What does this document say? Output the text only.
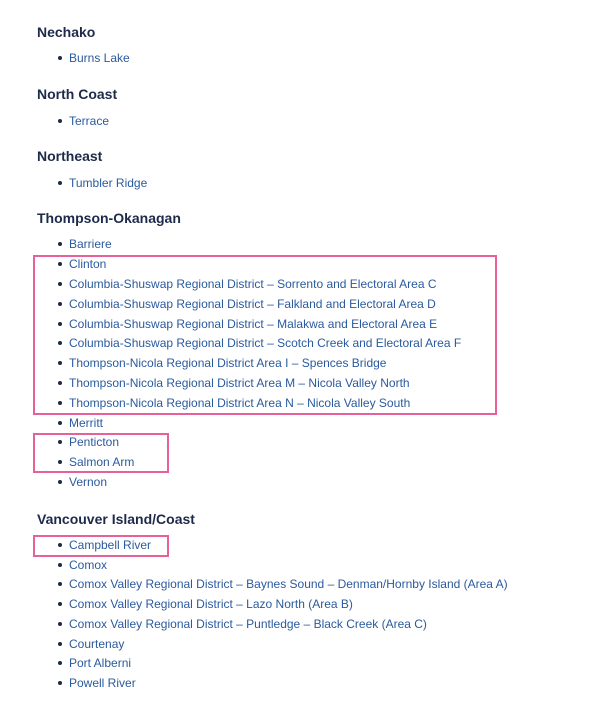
Nechako
Burns Lake
North Coast
Terrace
Northeast
Tumbler Ridge
Thompson-Okanagan
Barriere
Clinton
Columbia-Shuswap Regional District – Sorrento and Electoral Area C
Columbia-Shuswap Regional District – Falkland and Electoral Area D
Columbia-Shuswap Regional District – Malakwa and Electoral Area E
Columbia-Shuswap Regional District – Scotch Creek and Electoral Area F
Thompson-Nicola Regional District Area I – Spences Bridge
Thompson-Nicola Regional District Area M – Nicola Valley North
Thompson-Nicola Regional District Area N – Nicola Valley South
Merritt
Penticton
Salmon Arm
Vernon
Vancouver Island/Coast
Campbell River
Comox
Comox Valley Regional District – Baynes Sound – Denman/Hornby Island (Area A)
Comox Valley Regional District – Lazo North (Area B)
Comox Valley Regional District – Puntledge – Black Creek (Area C)
Courtenay
Port Alberni
Powell River
